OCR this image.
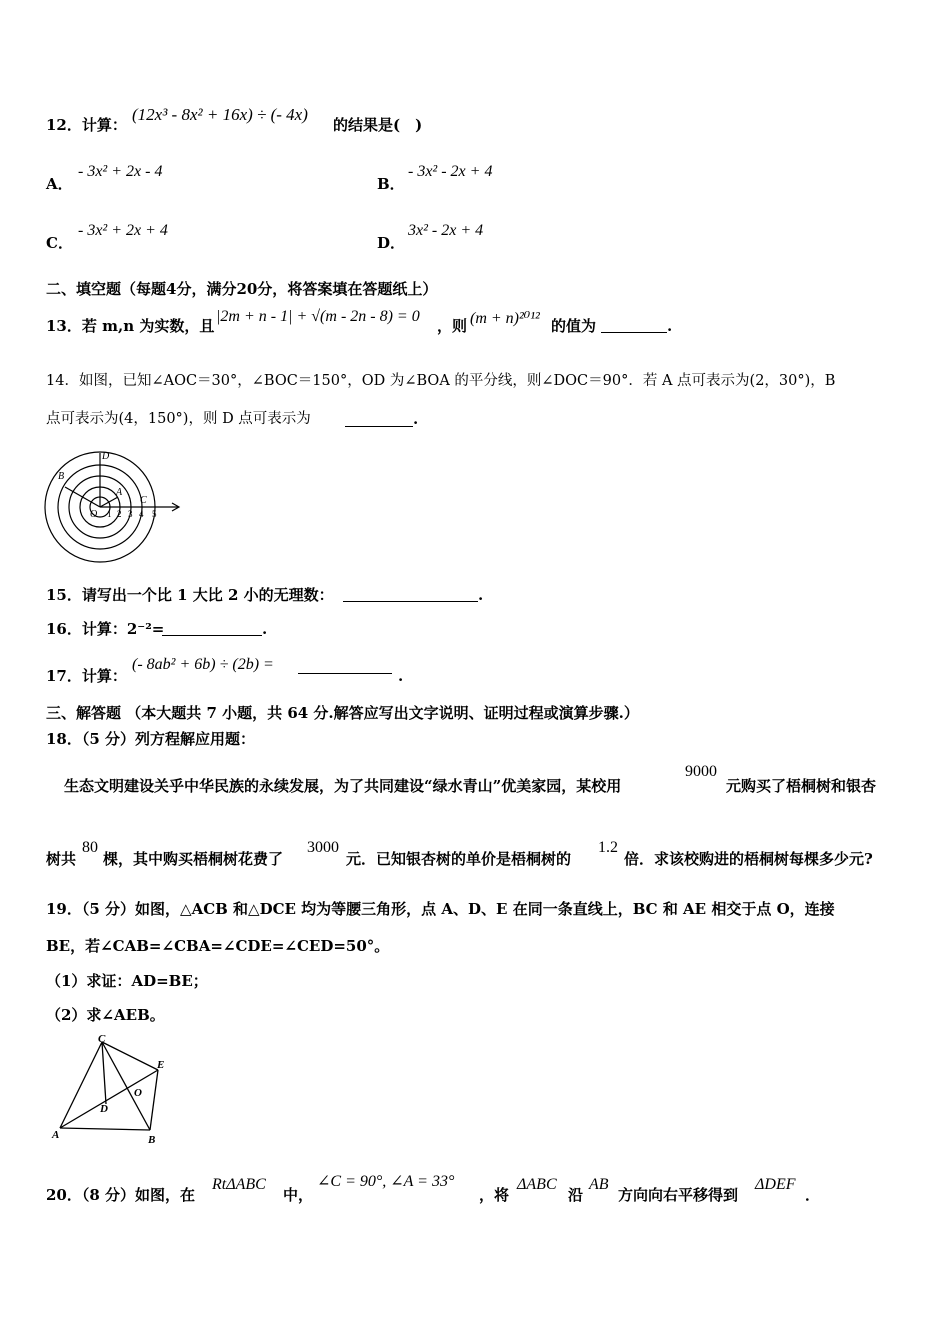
12．计算：
(12x³ - 8x² + 16x) ÷ (- 4x)
的结果是(　)
A．
- 3x² + 2x - 4
B．
- 3x² - 2x + 4
C．
- 3x² + 2x + 4
D．
3x² - 2x + 4
二、填空题（每题4分，满分20分，将答案填在答题纸上）
13．若 m,n 为实数，且
|2m + n - 1| + √(m - 2n - 8) = 0
，则 (m + n)²⁰¹² 的值为	.
14．如图，已知∠AOC＝30°，∠BOC＝150°，OD 为∠BOA 的平分线，则∠DOC＝90°．若 A 点可表示为(2，30°)，B
点可表示为(4，150°)，则 D 点可表示为	.
D
B
A
C
O 1 2 3 4 5
15．请写出一个比 1 大比 2 小的无理数：	.
16．计算：2⁻²=	.
17．计算：
(- 8ab² + 6b) ÷ (2b) =
.
三、解答题 （本大题共 7 小题，共 64 分.解答应写出文字说明、证明过程或演算步骤.）
18．（5 分）列方程解应用题：
生态文明建设关乎中华民族的永续发展，为了共同建设“绿水青山”优美家园，某校用
9000
元购买了梧桐树和银杏
树共
80
棵，其中购买梧桐树花费了
3000
元．已知银杏树的单价是梧桐树的
1.2
倍．求该校购进的梧桐树每棵多少元?
19．（5 分）如图，△ACB 和△DCE 均为等腰三角形，点 A、D、E 在同一条直线上，BC 和 AE 相交于点 O，连接
BE，若∠CAB=∠CBA=∠CDE=∠CED=50°。
（1）求证：AD=BE；
（2）求∠AEB。
C
E
O
D
A	B
20．（8 分）如图，在
RtΔABC
中，
∠C = 90°, ∠A = 33°
，将
ΔABC
沿
AB
方向向右平移得到
ΔDEF
．
